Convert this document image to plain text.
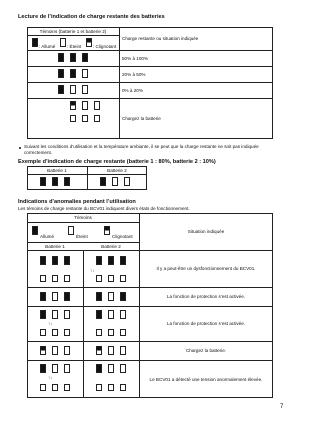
Lecture de l’indication de charge restante des batteries
Témoins (batterie 1 et batterie 2)
Charge restante ou situation indiquée
: Allumé	: Éteint	: Clignotant
50% à 100%
20% à 50%
0% à 20%
Chargez la batterie
Suivant les conditions d’utilisation et la température ambiante, il se peut que la charge restante ne soit pas indiquée correctement.
Exemple d’indication de charge restante (batterie 1 : 80%, batterie 2 : 10%)
Batterie 1	Batterie 2
Indications d’anomalies pendant l’utilisation
Les témoins de charge restante du BCV01 indiquent divers états de fonctionnement.
Témoins
Situation indiquée
Allumé	Éteint	Clignotant
Batterie 1	Batterie 2
↑↓	Il y a peut-être un dysfonctionnement du BCV01.
La fonction de protection s’est activée.
↑↓	La fonction de protection s’est activée.
Chargez la batterie.
↑↓	Le BCV01 a détecté une tension anormalement élevée.
7
